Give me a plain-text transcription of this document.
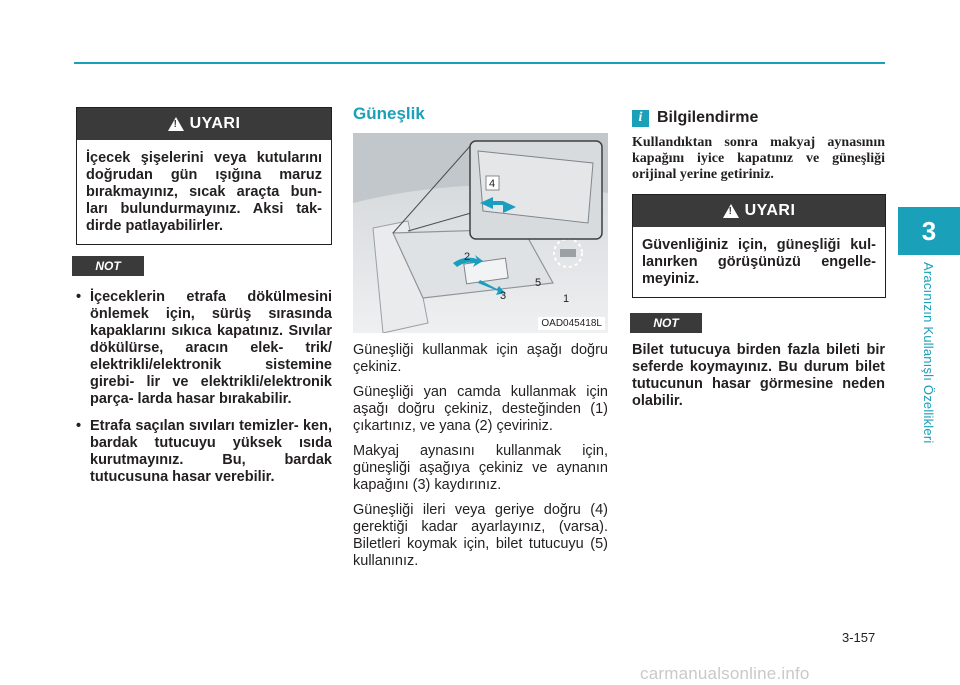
3
Aracınızın Kullanışlı Özellikleri
!
UYARI
İçecek şişelerini veya kutularını doğrudan gün ışığına maruz bırakmayınız, sıcak araçta bun- ları bulundurmayınız. Aksi tak- dirde patlayabilirler.
NOT
• İçeceklerin etrafa dökülmesini önlemek için, sürüş sırasında kapaklarını sıkıca kapatınız. Sıvılar dökülürse, aracın elek- trik/ elektrikli/elektronik sistemine girebi- lir ve elektrikli/elektronik parça- larda hasar bırakabilir.
• Etrafa saçılan sıvıları temizler- ken, bardak tutucuyu yüksek ısıda kurutmayınız. Bu, bardak tutucusuna hasar verebilir.
Güneşlik
4
2
3
5
1
OAD045418L

Güneşliği kullanmak için aşağı doğru çekiniz.

Güneşliği yan camda kullanmak için aşağı doğru çekiniz, desteğinden (1) çıkartınız, ve yana (2) çeviriniz.

Makyaj aynasını kullanmak için, güneşliği aşağıya çekiniz ve aynanın kapağını (3) kaydırınız.

Güneşliği ileri veya geriye doğru (4) gerektiği kadar ayarlayınız, (varsa). Biletleri koymak için, bilet tutucuyu (5) kullanınız.

i Bilgilendirme
Kullandıktan sonra makyaj aynasının kapağını iyice kapatınız ve güneşliği orijinal yerine getiriniz.
!
UYARI
Güvenliğiniz için, güneşliği kul- lanırken görüşünüzü engelle- meyiniz.
NOT
Bilet tutucuya birden fazla bileti bir seferde koymayınız. Bu durum bilet tutucunun hasar görmesine neden olabilir.
3-157
carmanualsonline.info
